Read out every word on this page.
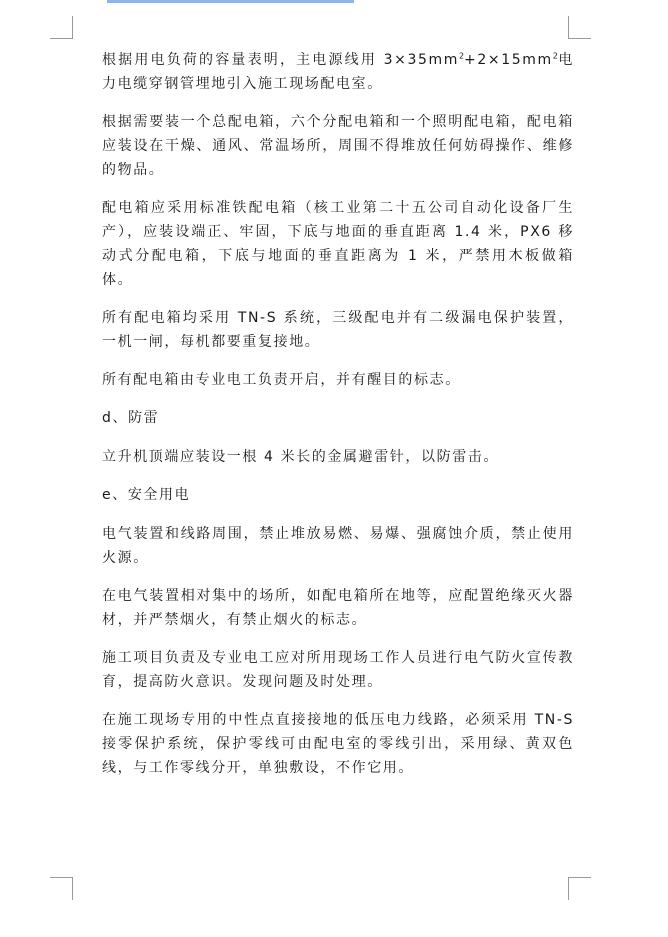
根据用电负荷的容量表明，主电源线用 $3\times 35mm^2+2\times 15mm^2$电力电缆穿钢管埋地引入施工现场配电室。

根据需要装一个总配电箱，六个分配电箱和一个照明配电箱，配电箱应装设在干燥、通风、常温场所，周围不得堆放任何妨碍操作、维修的物品。

配电箱应采用标准铁配电箱（核工业第二十五公司自动化设备厂生产），应装设端正、牢固，下底与地面的垂直距离 1.4 米，PX6 移动式分配电箱，下底与地面的垂直距离为 1 米，严禁用木板做箱体。

所有配电箱均采用 TN-S 系统，三级配电并有二级漏电保护装置，一机一闸，每机都要重复接地。

所有配电箱由专业电工负责开启，并有醒目的标志。

d、防雷

立升机顶端应装设一根 4 米长的金属避雷针，以防雷击。

e、安全用电

电气装置和线路周围，禁止堆放易燃、易爆、强腐蚀介质，禁止使用火源。

在电气装置相对集中的场所，如配电箱所在地等，应配置绝缘灭火器材，并严禁烟火，有禁止烟火的标志。

施工项目负责及专业电工应对所用现场工作人员进行电气防火宣传教育，提高防火意识。发现问题及时处理。

在施工现场专用的中性点直接接地的低压电力线路，必须采用 TN-S 接零保护系统，保护零线可由配电室的零线引出，采用绿、黄双色线，与工作零线分开，单独敷设，不作它用。
